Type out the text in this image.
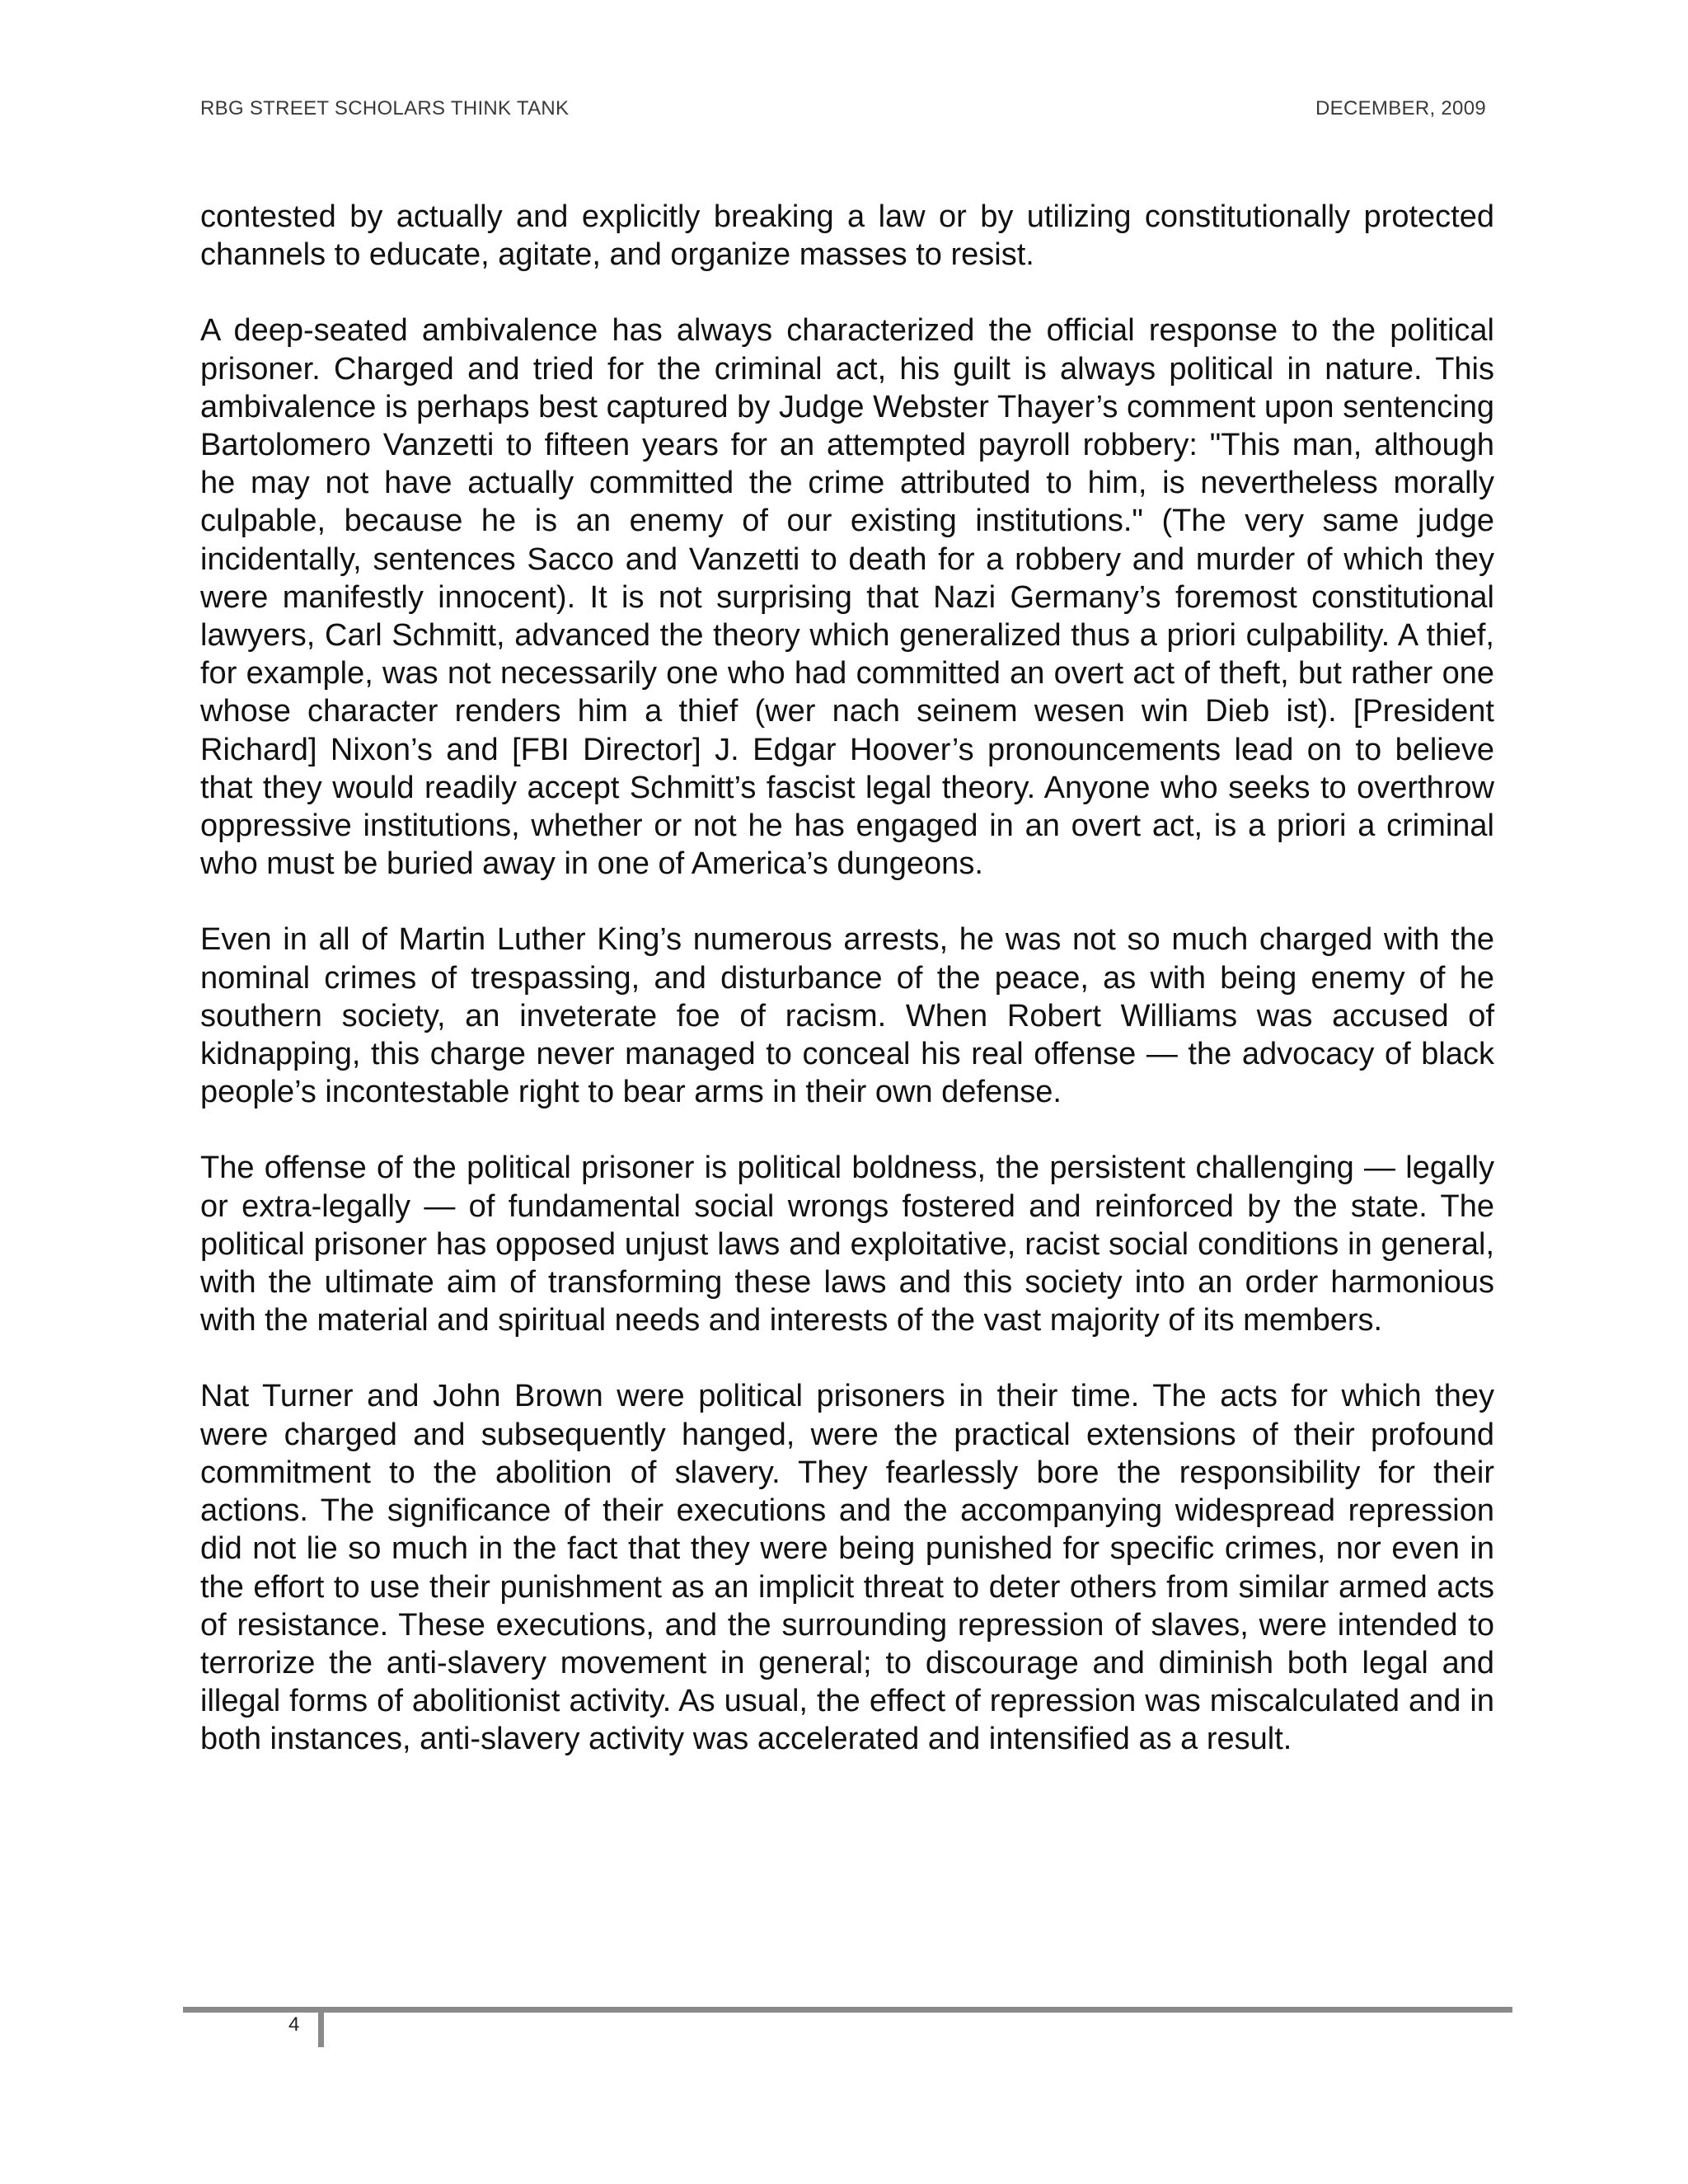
RBG STREET SCHOLARS THINK TANK	DECEMBER, 2009

contested by actually and explicitly breaking a law or by utilizing constitutionally protected channels to educate, agitate, and organize masses to resist.

A deep-seated ambivalence has always characterized the official response to the political prisoner. Charged and tried for the criminal act, his guilt is always political in nature. This ambivalence is perhaps best captured by Judge Webster Thayer’s comment upon sentencing Bartolomero Vanzetti to fifteen years for an attempted payroll robbery: "This man, although he may not have actually committed the crime attributed to him, is nevertheless morally culpable, because he is an enemy of our existing institutions." (The very same judge incidentally, sentences Sacco and Vanzetti to death for a robbery and murder of which they were manifestly innocent). It is not surprising that Nazi Germany’s foremost constitutional lawyers, Carl Schmitt, advanced the theory which generalized thus a priori culpability. A thief, for example, was not necessarily one who had committed an overt act of theft, but rather one whose character renders him a thief (wer nach seinem wesen win Dieb ist). [President Richard] Nixon’s and [FBI Director] J. Edgar Hoover’s pronouncements lead on to believe that they would readily accept Schmitt’s fascist legal theory. Anyone who seeks to overthrow oppressive institutions, whether or not he has engaged in an overt act, is a priori a criminal who must be buried away in one of America’s dungeons.

Even in all of Martin Luther King’s numerous arrests, he was not so much charged with the nominal crimes of trespassing, and disturbance of the peace, as with being enemy of he southern society, an inveterate foe of racism. When Robert Williams was accused of kidnapping, this charge never managed to conceal his real offense — the advocacy of black people’s incontestable right to bear arms in their own defense.

The offense of the political prisoner is political boldness, the persistent challenging — legally or extra-legally — of fundamental social wrongs fostered and reinforced by the state. The political prisoner has opposed unjust laws and exploitative, racist social conditions in general, with the ultimate aim of transforming these laws and this society into an order harmonious with the material and spiritual needs and interests of the vast majority of its members.

Nat Turner and John Brown were political prisoners in their time. The acts for which they were charged and subsequently hanged, were the practical extensions of their profound commitment to the abolition of slavery. They fearlessly bore the responsibility for their actions. The significance of their executions and the accompanying widespread repression did not lie so much in the fact that they were being punished for specific crimes, nor even in the effort to use their punishment as an implicit threat to deter others from similar armed acts of resistance. These executions, and the surrounding repression of slaves, were intended to terrorize the anti-slavery movement in general; to discourage and diminish both legal and illegal forms of abolitionist activity. As usual, the effect of repression was miscalculated and in both instances, anti-slavery activity was accelerated and intensified as a result.

4
